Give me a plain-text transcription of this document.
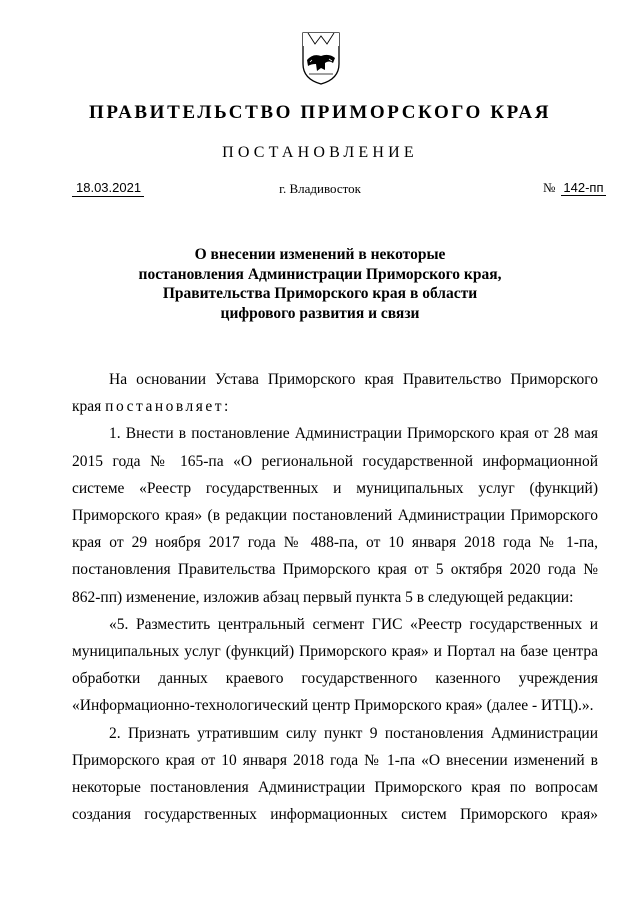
ПРАВИТЕЛЬСТВО ПРИМОРСКОГО КРАЯ
ПОСТАНОВЛЕНИЕ
18.03.2021	г. Владивосток	№ 142-пп
О внесении изменений в некоторые
постановления Администрации Приморского края,
Правительства Приморского края в области
цифрового развития и связи

На основании Устава Приморского края Правительство Приморского края постановляет:

1. Внести в постановление Администрации Приморского края от 28 мая 2015 года № 165-па «О региональной государственной информационной системе «Реестр государственных и муниципальных услуг (функций) Приморского края» (в редакции постановлений Администрации Приморского края от 29 ноября 2017 года № 488-па, от 10 января 2018 года № 1-па, постановления Правительства Приморского края от 5 октября 2020 года № 862-пп) изменение, изложив абзац первый пункта 5 в следующей редакции:

«5. Разместить центральный сегмент ГИС «Реестр государственных и муниципальных услуг (функций) Приморского края» и Портал на базе центра обработки данных краевого государственного казенного учреждения «Информационно-технологический центр Приморского края» (далее - ИТЦ).».

2. Признать утратившим силу пункт 9 постановления Администрации Приморского края от 10 января 2018 года № 1-па «О внесении изменений в некоторые постановления Администрации Приморского края по вопросам создания государственных информационных систем Приморского края»
